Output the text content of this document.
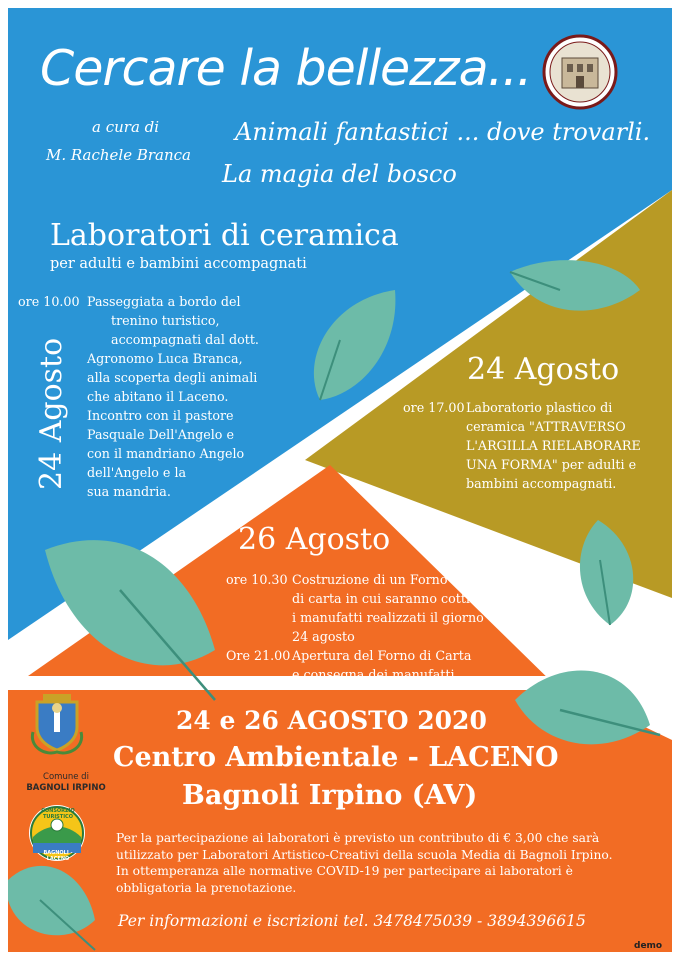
Cercare la bellezza...
a cura di
M. Rachele Branca
Animali fantastici ... dove trovarli.
La magia del bosco
Laboratori di ceramica
per adulti e bambini accompagnati
24 Agosto
ore 10.00 Passeggiata a bordo del
trenino turistico,
accompagnati dal dott.
Agronomo Luca Branca,
alla scoperta degli animali
che abitano il Laceno.
Incontro con il pastore
Pasquale Dell'Angelo e
con il mandriano Angelo
dell'Angelo e la
sua mandria.
24 Agosto
ore 17.00 Laboratorio plastico di
ceramica "ATTRAVERSO
L'ARGILLA RIELABORARE
UNA FORMA" per adulti e
bambini accompagnati.
26 Agosto
ore 10.30 Costruzione di un Forno
di carta in cui saranno cotti
i manufatti realizzati il giorno
24 agosto
Ore 21.00 Apertura del Forno di Carta
e consegna dei manufatti.
24 e 26 AGOSTO 2020
Centro Ambientale - LACENO
Bagnoli Irpino (AV)
Comune di
BAGNOLI IRPINO
CONSORZIO TURISTICO
BAGNOLI - LACENO
Per la partecipazione ai laboratori è previsto un contributo di € 3,00 che sarà
utilizzato per Laboratori Artistico-Creativi della scuola Media di Bagnoli Irpino.
In ottemperanza alle normative COVID-19 per partecipare ai laboratori è
obbligatoria la prenotazione.
Per informazioni e iscrizioni tel. 3478475039 - 3894396615
demo
